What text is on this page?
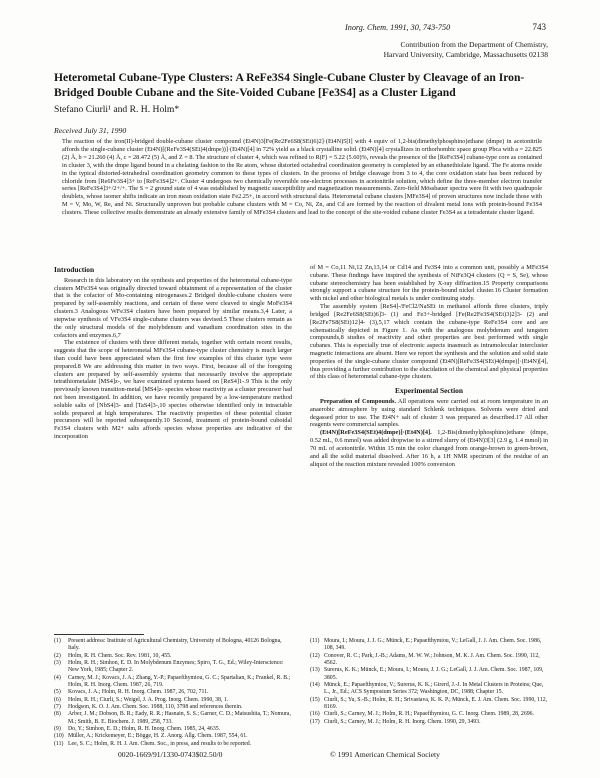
Inorg. Chem. 1991, 30, 743-750	743
Contribution from the Department of Chemistry,
Harvard University, Cambridge, Massachusetts 02138
Heterometal Cubane-Type Clusters: A ReFe3S4 Single-Cubane Cluster by Cleavage of an Iron-Bridged Double Cubane and the Site-Voided Cubane [Fe3S4] as a Cluster Ligand
Stefano Ciurli¹ and R. H. Holm*
Received July 31, 1990
The reaction of the iron(II)-bridged double-cubane cluster compound (Et4N)3[Fe(Re2Fe6S8(SEt)6)2]·(Et4N)5[I] with 4 equiv of 1,2-bis(dimethylphosphino)ethane (dmpe) in acetonitrile affords the single-cubane cluster (Et4N)[(ReFe3S4(SEt)4(dmpe))]·(Et4N)[4] in 72% yield as a black crystalline solid. (Et4N)[4] crystallizes in orthorhombic space group Pbca with a = 22.825 (2) Å, b = 21.260 (4) Å, c = 28.472 (5) Å, and Z = 8. The structure of cluster 4, which was refined to R(F) = 5.22 (5.60)%, reveals the presence of the [ReFe3S4] cubane-type core as contained in cluster 3, with the dmpe ligand bound in a chelating fashion to the Re atom, whose distorted octahedral coordination geometry is completed by an ethanethiolate ligand. The Fe atoms reside in the typical distorted-tetrahedral coordination geometry common to these types of clusters. In the process of bridge cleavage from 3 to 4, the core oxidation state has been reduced by chloride from [Re6Fe3S4]3+ to [ReFe3S4]2+. Cluster 4 undergoes two chemically reversible one-electron processes in acetonitrile solution, which define the three-member electron transfer series [ReFe3S4]3+/2+/+. The S = 2 ground state of 4 was established by magnetic susceptibility and magnetization measurements. Zero-field Mössbauer spectra were fit with two quadrupole doublets, whose isomer shifts indicate an iron mean oxidation state Fe2.25+, in accord with structural data. Heterometal cubane clusters [MFe3S4] of proven structures now include those with M = V, Mo, W, Re, and Ni. Structurally unproven but probable cubane clusters with M = Co, Ni, Zn, and Cd are formed by the reaction of divalent metal ions with protein-bound Fe3S4 clusters. These collective results demonstrate an already extensive family of MFe3S4 clusters and lead to the concept of the site-voided cubane cluster Fe3S4 as a tetradentate cluster ligand.

Introduction

Research in this laboratory on the synthesis and properties of the heterometal cubane-type clusters MFe3S4 was originally directed toward obtainment of a representation of the cluster that is the cofactor of Mo-containing nitrogenases.2 Bridged double-cubane clusters were prepared by self-assembly reactions, and certain of these were cleaved to single MoFe3S4 clusters.3 Analogous WFe3S4 clusters have been prepared by similar means.3,4 Later, a stepwise synthesis of VFe3S4 single-cubane clusters was devised.5 These clusters remain as the only structural models of the molybdenum and vanadium coordination sites in the cofactors and enzymes.6,7

The existence of clusters with three different metals, together with certain recent results, suggests that the scope of heterometal MFe3S4 cubane-type cluster chemistry is much larger than could have been appreciated when the first few examples of this cluster type were prepared.8 We are addressing this matter in two ways. First, because all of the foregoing clusters are prepared by self-assembly systems that necessarily involve the appropriate tetrathiometalate [MS4]z-, we have examined systems based on [ReS4]1-.9 This is the only previously known transition-metal [MS4]z- species whose reactivity as a cluster precursor had not been investigated. In addition, we have recently prepared by a low-temperature method soluble salts of [NbS4]3- and [TaS4]3-,10 species otherwise identified only in intractable solids prepared at high temperatures. The reactivity properties of these potential cluster precursors will be reported subsequently.10 Second, treatment of protein-bound cuboidal Fe3S4 clusters with M2+ salts affords species whose properties are indicative of the incorporation

of M = Co,11 Ni,12 Zn,13,14 or Cd14 and Fe3S4 into a common unit, possibly a MFe3S4 cubane. These findings have inspired the synthesis of NiFe3Q4 clusters (Q = S, Se), whose cubane stereochemistry has been established by X-ray diffraction.15 Property comparisons strongly support a cubane structure for the protein-bound nickel cluster.16 Cluster formation with nickel and other biological metals is under continuing study.

The assembly system [ReS4]-/FeCl2/NaSEt in methanol affords three clusters, triply bridged [Re2Fe6S8(SEt)6]3- (1) and Fe3+-bridged [Fe(Re2Fe3S4(SEt)3)2]3- (2) and [Re2Fe7S8(SEt)12]4- (3),5,17 which contain the cubane-type ReFe3S4 core and are schematically depicted in Figure 1. As with the analogous molybdenum and tungsten compounds,8 studies of reactivity and other properties are best performed with single cubanes. This is especially true of electronic aspects inasmuch as intramolecular intercluster magnetic interactions are absent. Here we report the synthesis and the solution and solid state properties of the single-cubane cluster compound (Et4N)[ReFe3S4(SEt)4(dmpe)]·(Et4N)[4], thus providing a further contribution to the elucidation of the chemical and physical properties of this class of heterometal cubane-type clusters.

Experimental Section

Preparation of Compounds. All operations were carried out at room temperature in an anaerobic atmosphere by using standard Schlenk techniques. Solvents were dried and degassed prior to use. The Et4N+ salt of cluster 3 was prepared as described.17 All other reagents were commercial samples.

(Et4N)[ReFe3S4(SEt)4(dmpe)]·(Et4N)[4]. 1,2-Bis(dimethylphosphino)ethane (dmpe, 0.52 mL, 0.6 mmol) was added dropwise to a stirred slurry of (Et4N)3[3] (2.9 g, 1.4 mmol) in 70 mL of acetonitrile. Within 15 min the color changed from orange-brown to green-brown, and all the solid material dissolved. After 16 h, a 1H NMR spectrum of the residue of an aliquot of the reaction mixture revealed 100% conversion

(1)	Present address: Institute of Agricultural Chemistry, University of Bologna, 40126 Bologna, Italy.
(2)	Holm, R. H. Chem. Soc. Rev. 1981, 10, 455.
(3)	Holm, R. H.; Simhon, E. D. In Molybdenum Enzymes; Spiro, T. G., Ed.; Wiley-Interscience: New York, 1985; Chapter 2.
(4)	Carney, M. J.; Kovacs, J. A.; Zhang, Y.-P.; Papaefthymiou, G. C.; Spartalian, K.; Frankel, R. B.; Holm, R. H. Inorg. Chem. 1987, 26, 719.
(5)	Kovacs, J. A.; Holm, R. H. Inorg. Chem. 1987, 26, 702, 711.
(6)	Holm, R. H.; Ciurli, S.; Weigel, J. A. Prog. Inorg. Chem. 1990, 38, 1.
(7)	Hodgson, K. O. J. Am. Chem. Soc. 1988, 110, 3798 and references therein.
(8)	Arber, J. M.; Dobson, B. R.; Eady, R. R.; Hasnain, S. S.; Garner, C. D.; Matsushita, T.; Nomura, M.; Smith, B. E. Biochem. J. 1989, 258, 733.
(9)	Do, Y.; Simhon, E. D.; Holm, R. H. Inorg. Chem. 1985, 24, 4635.
(10) Müller, A.; Krickemeyer, E.; Bögge, H. Z. Anorg. Allg. Chem. 1987, 554, 61.
(11) Lee, S. C.; Holm, R. H. J. Am. Chem. Soc., in press, and results to be reported.
(11) Moura, I.; Moura, J. J. G.; Münck, E.; Papaefthymiou, V.; LeGall, J. J. Am. Chem. Soc. 1986, 108, 349.
(12) Conover, R. C.; Park, J.-B.; Adams, M. W. W.; Johnson, M. K. J. Am. Chem. Soc. 1990, 112, 4562.
(13) Surerus, K. K.; Münck, E.; Moura, I.; Moura, J. J. G.; LeGall, J. J. Am. Chem. Soc. 1987, 109, 3805.
(14) Münck, E.; Papaefthymiou, V.; Surerus, K. K.; Girerd, J.-J. In Metal Clusters in Proteins; Que, L., Jr., Ed.; ACS Symposium Series 372; Washington, DC, 1988; Chapter 15.
(15) Ciurli, S.; Yu, S.-B.; Holm, R. H.; Srivastava, K. K. P.; Münck, E. J. Am. Chem. Soc. 1990, 112, 8169.
(16) Ciurli, S.; Carney, M. J.; Holm, R. H.; Papaefthymiou, G. C. Inorg. Chem. 1989, 28, 2696.
(17) Ciurli, S.; Carney, M. J.; Holm, R. H. Inorg. Chem. 1990, 29, 3493.
0020-1669/91/1330-0743$02.50/0	© 1991 American Chemical Society
